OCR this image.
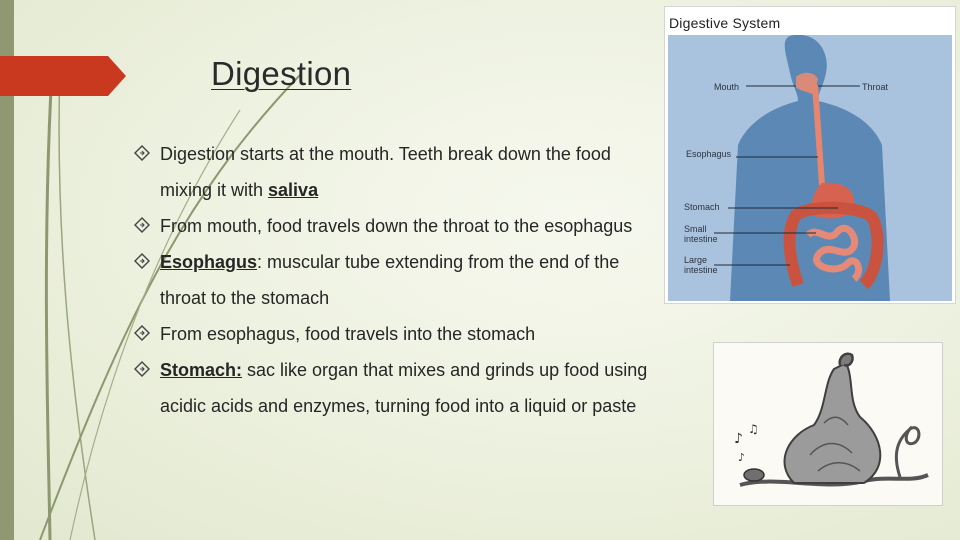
Digestion
Digestion starts at the mouth. Teeth break down the food mixing it with saliva
From mouth, food travels down the throat to the esophagus
Esophagus: muscular tube extending from the end of the throat to the stomach
From esophagus, food travels into the stomach
Stomach: sac like organ that mixes and grinds up food using acidic acids and enzymes, turning food into a liquid or paste
Digestive System
Mouth	Throat
Esophagus
Stomach
Small
intestine
Large
intestine
♪
♫
♪
